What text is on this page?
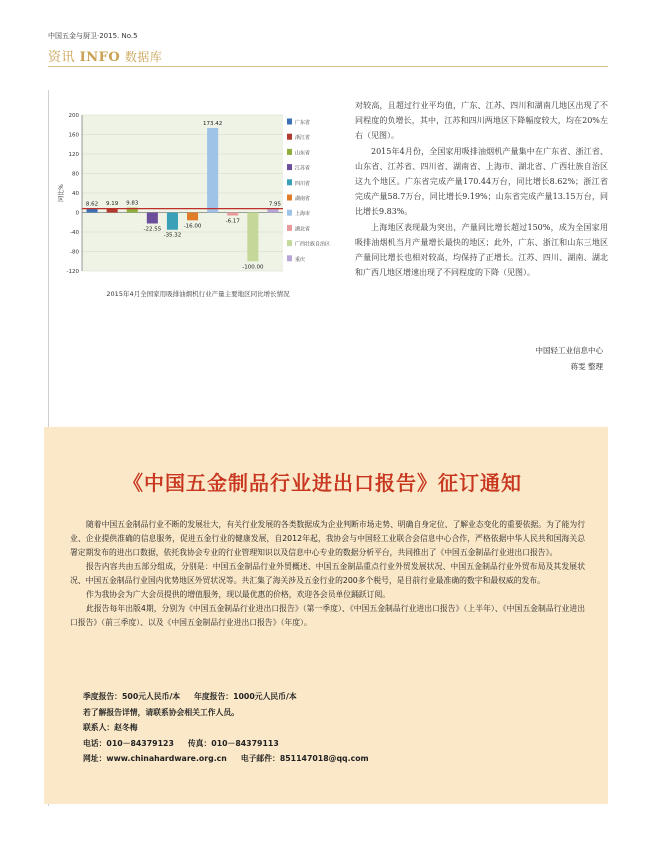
中国五金与厨卫·2015. No.5
资讯 INFO 数据库
200
160
120
80
40
0
-40
-80
-120
同比%
8.62 9.19 9.83
-22.55
-35.32
-16.00
173.42
-6.17
-100.00
7.95
广东省
浙江省
山东省
江苏省
四川省
湖南省
上海市
湖北省
广西壮族自治区
重庆
2015年4月全国家用吸排油烟机行业产量主要地区同比增长情况

对较高，且超过行业平均值，广东、江苏、四川和湖南几地区出现了不同程度的负增长，其中，江苏和四川两地区下降幅度较大，均在20%左右（见图）。

2015年4月份，全国家用吸排油烟机产量集中在广东省、浙江省、山东省、江苏省、四川省、湖南省、上海市、湖北省、广西壮族自治区这九个地区。广东省完成产量170.44万台，同比增长8.62%；浙江省完成产量58.7万台，同比增长9.19%；山东省完成产量13.15万台，同比增长9.83%。

上海地区表现最为突出，产量同比增长超过150%，成为全国家用吸排油烟机当月产量增长最快的地区；此外，广东、浙江和山东三地区产量同比增长也相对较高，均保持了正增长。江苏、四川、湖南、湖北和广西几地区增速出现了不同程度的下降（见图）。

中国轻工业信息中心
蒋雯 整理
《中国五金制品行业进出口报告》征订通知

随着中国五金制品行业不断的发展壮大，有关行业发展的各类数据成为企业判断市场走势、明确自身定位、了解业态变化的重要依据。为了能为行业、企业提供准确的信息服务，促进五金行业的健康发展，自2012年起，我协会与中国轻工业联合会信息中心合作，严格依据中华人民共和国海关总署定期发布的进出口数据，依托我协会专业的行业管理知识以及信息中心专业的数据分析平台，共同推出了《中国五金制品行业进出口报告》。

报告内容共由五部分组成，分别是：中国五金制品行业外贸概述、中国五金制品重点行业外贸发展状况、中国五金制品行业外贸布局及其发展状况、中国五金制品行业国内优势地区外贸状况等。共汇集了海关涉及五金行业的200多个税号，是目前行业最准确的数字和最权威的发布。

作为我协会为广大会员提供的增值服务，现以最优惠的价格，欢迎各会员单位踊跃订阅。

此报告每年出版4期，分别为《中国五金制品行业进出口报告》（第一季度）、《中国五金制品行业进出口报告》（上半年）、《中国五金制品行业进出口报告》（前三季度）、以及《中国五金制品行业进出口报告》（年度）。

季度报告：500元人民币/本 年度报告：1000元人民币/本
若了解报告详情，请联系协会相关工作人员。
联系人：赵冬梅
电话：010－84379123 传真：010－84379113
网址：www.chinahardware.org.cn 电子邮件：851147018@qq.com
